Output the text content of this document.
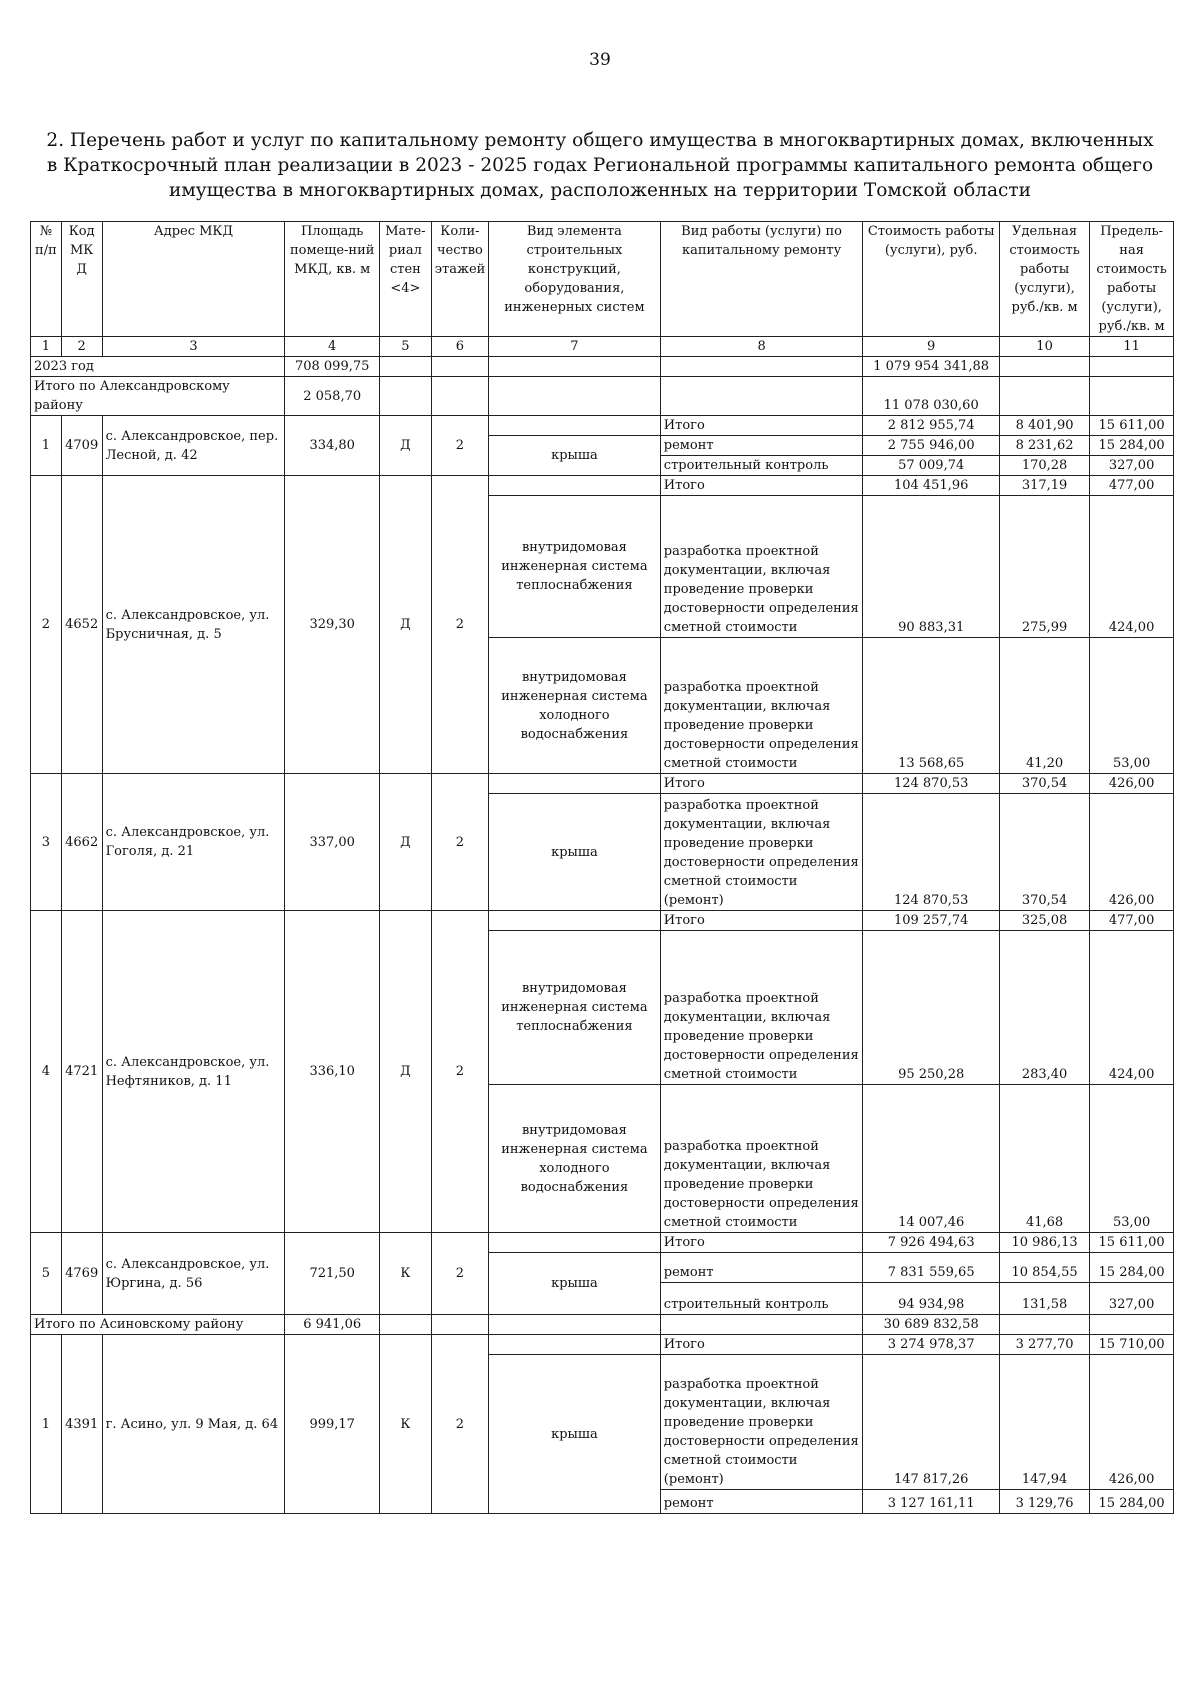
39
2. Перечень работ и услуг по капитальному ремонту общего имущества в многоквартирных домах, включенных в Краткосрочный план реализации в 2023 - 2025 годах Региональной программы капитального ремонта общего имущества в многоквартирных домах, расположенных на территории Томской области
№ п/п	Код МК Д	Адрес МКД	Площадь помеще-ний МКД, кв. м	Мате-риал стен <4>	Коли-чество этажей	Вид элемента строительных конструкций, оборудования, инженерных систем	Вид работы (услуги) по капитальному ремонту	Стоимость работы (услуги), руб.	Удельная стоимость работы (услуги), руб./кв. м	Предель-ная стоимость работы (услуги), руб./кв. м
1	2	3	4	5	6	7	8	9	10	11
2023 год			708 099,75					1 079 954 341,88		
Итого по Александровскому району			2 058,70					11 078 030,60		
1	4709	с. Александровское, пер. Лесной, д. 42	334,80	Д	2		Итого	2 812 955,74	8 401,90	15 611,00
						крыша	ремонт	2 755 946,00	8 231,62	15 284,00
							строительный контроль	57 009,74	170,28	327,00
2	4652	с. Александровское, ул. Брусничная, д. 5	329,30	Д	2		Итого	104 451,96	317,19	477,00
						внутридомовая инженерная система теплоснабжения	разработка проектной документации, включая проведение проверки достоверности определения сметной стоимости	90 883,31	275,99	424,00
						внутридомовая инженерная система холодного водоснабжения	разработка проектной документации, включая проведение проверки достоверности определения сметной стоимости	13 568,65	41,20	53,00
3	4662	с. Александровское, ул. Гоголя, д. 21	337,00	Д	2		Итого	124 870,53	370,54	426,00
						крыша	разработка проектной документации, включая проведение проверки достоверности определения сметной стоимости (ремонт)	124 870,53	370,54	426,00
4	4721	с. Александровское, ул. Нефтяников, д. 11	336,10	Д	2		Итого	109 257,74	325,08	477,00
						внутридомовая инженерная система теплоснабжения	разработка проектной документации, включая проведение проверки достоверности определения сметной стоимости	95 250,28	283,40	424,00
						внутридомовая инженерная система холодного водоснабжения	разработка проектной документации, включая проведение проверки достоверности определения сметной стоимости	14 007,46	41,68	53,00
5	4769	с. Александровское, ул. Юргина, д. 56	721,50	К	2		Итого	7 926 494,63	10 986,13	15 611,00
						крыша	ремонт	7 831 559,65	10 854,55	15 284,00
							строительный контроль	94 934,98	131,58	327,00
Итого по Асиновскому району			6 941,06					30 689 832,58		
1	4391	г. Асино, ул. 9 Мая, д. 64	999,17	К	2		Итого	3 274 978,37	3 277,70	15 710,00
						крыша	разработка проектной документации, включая проведение проверки достоверности определения сметной стоимости (ремонт)	147 817,26	147,94	426,00
							ремонт	3 127 161,11	3 129,76	15 284,00
